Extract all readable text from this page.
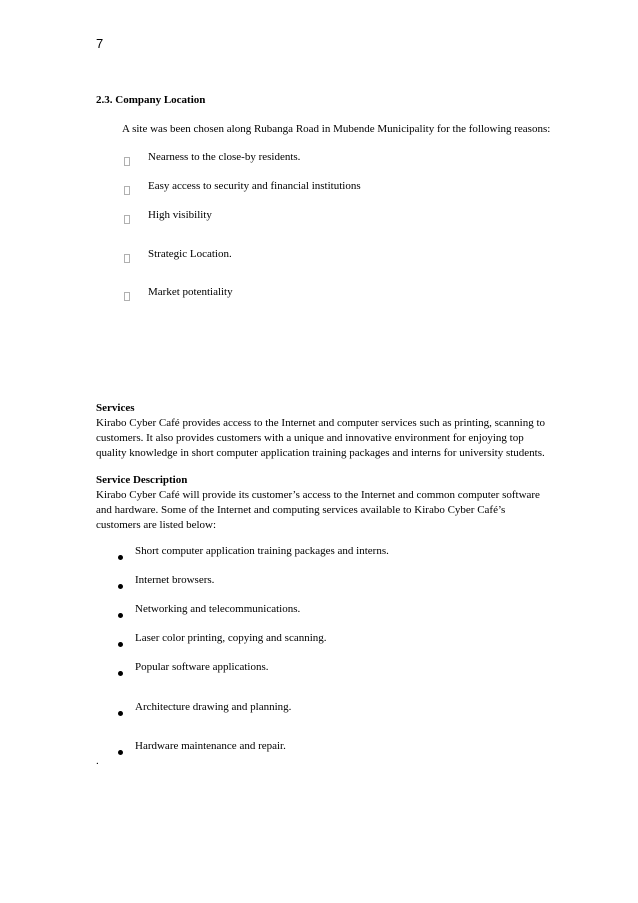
7
2.3. Company Location
A site was been chosen along Rubanga Road in Mubende Municipality for the following reasons:
Nearness to the close-by residents.
Easy access to security and financial institutions
High visibility
Strategic Location.
Market potentiality
Services
Kirabo Cyber Café provides access to the Internet and computer services such as printing, scanning to
customers. It also provides customers with a unique and innovative environment for enjoying top
quality knowledge in short computer application training packages and interns for university students.
Service Description
Kirabo Cyber Café will provide its customer’s access to the Internet and common computer software
and hardware. Some of the Internet and computing services available to Kirabo Cyber Café’s
customers are listed below:
Short computer application training packages and interns.
Internet browsers.
Networking and telecommunications.
Laser color printing, copying and scanning.
Popular software applications.
Architecture drawing and planning.
Hardware maintenance and repair.
.
